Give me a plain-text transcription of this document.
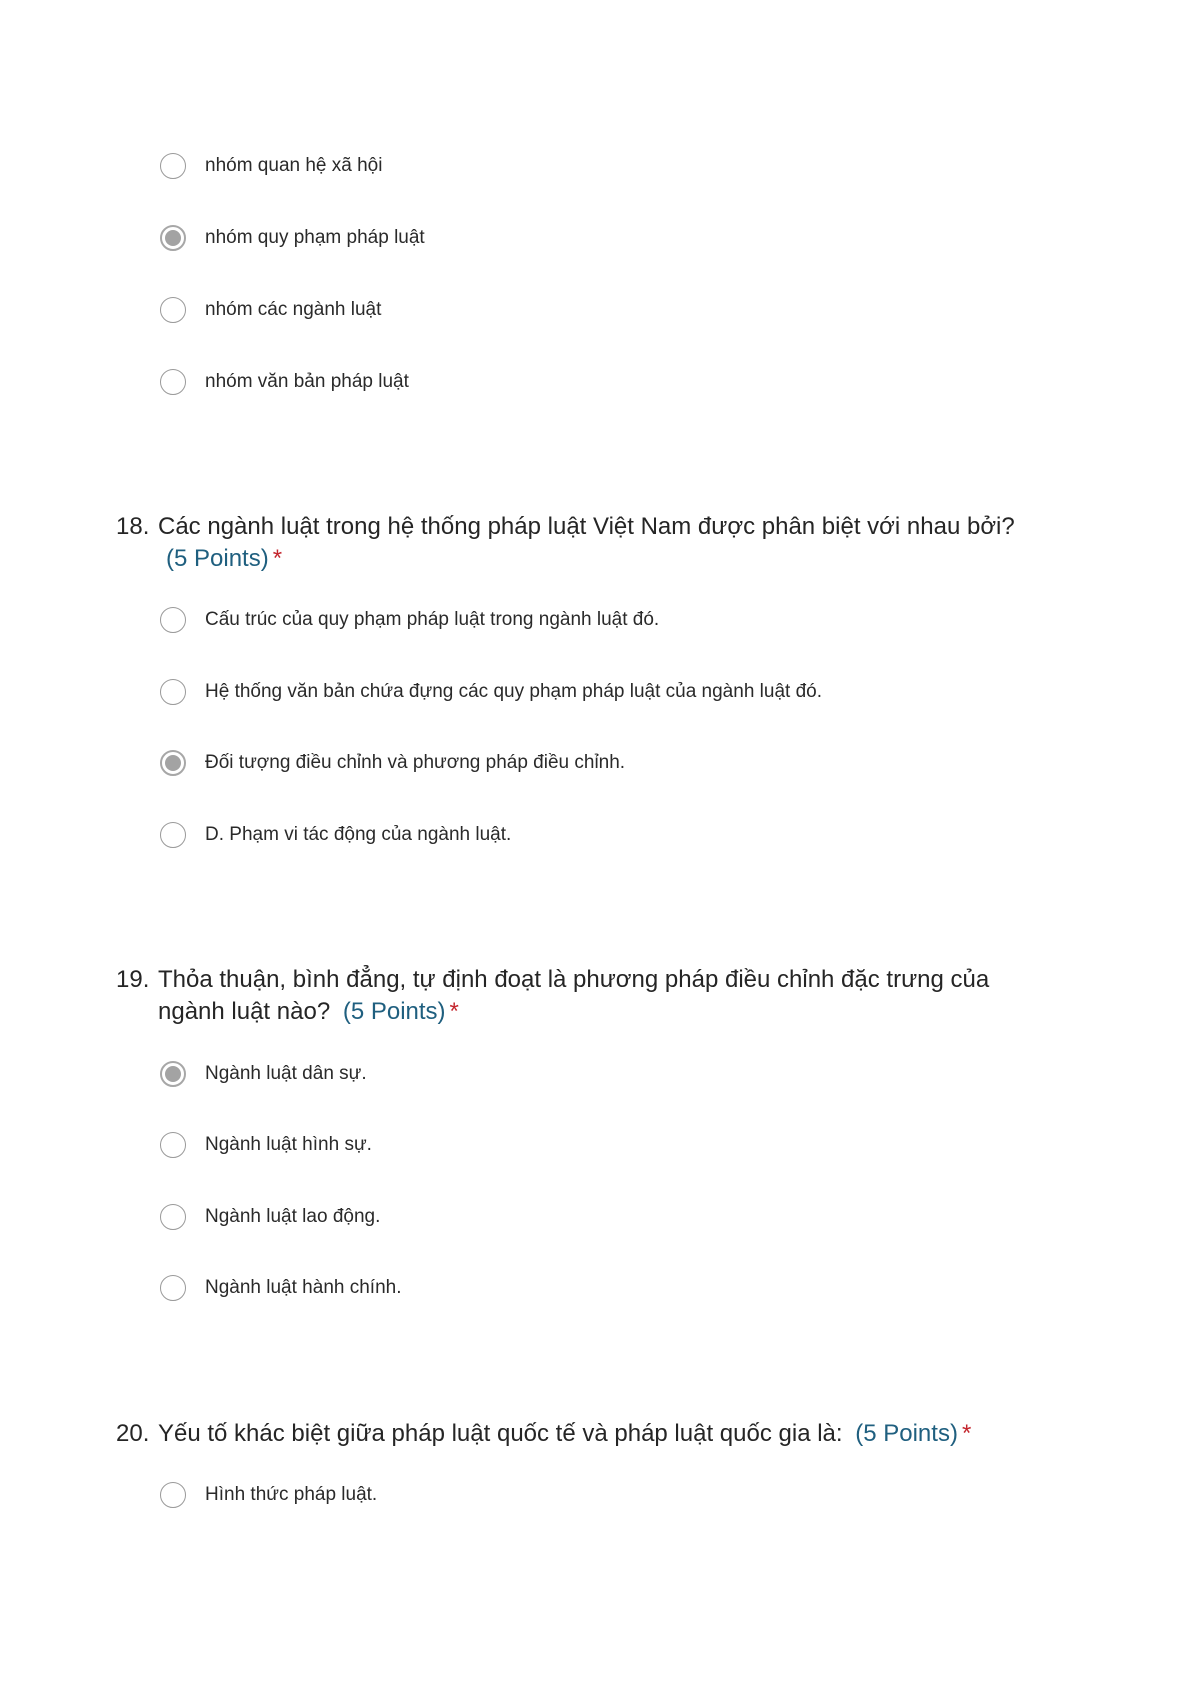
nhóm quan hệ xã hội
nhóm quy phạm pháp luật
nhóm các ngành luật
nhóm văn bản pháp luật
18. Các ngành luật trong hệ thống pháp luật Việt Nam được phân biệt với nhau bởi?
(5 Points) *
Cấu trúc của quy phạm pháp luật trong ngành luật đó.
Hệ thống văn bản chứa đựng các quy phạm pháp luật của ngành luật đó.
Đối tượng điều chỉnh và phương pháp điều chỉnh.
D. Phạm vi tác động của ngành luật.
19. Thỏa thuận, bình đẳng, tự định đoạt là phương pháp điều chỉnh đặc trưng của ngành luật nào? (5 Points) *
Ngành luật dân sự.
Ngành luật hình sự.
Ngành luật lao động.
Ngành luật hành chính.
20. Yếu tố khác biệt giữa pháp luật quốc tế và pháp luật quốc gia là: (5 Points) *
Hình thức pháp luật.
